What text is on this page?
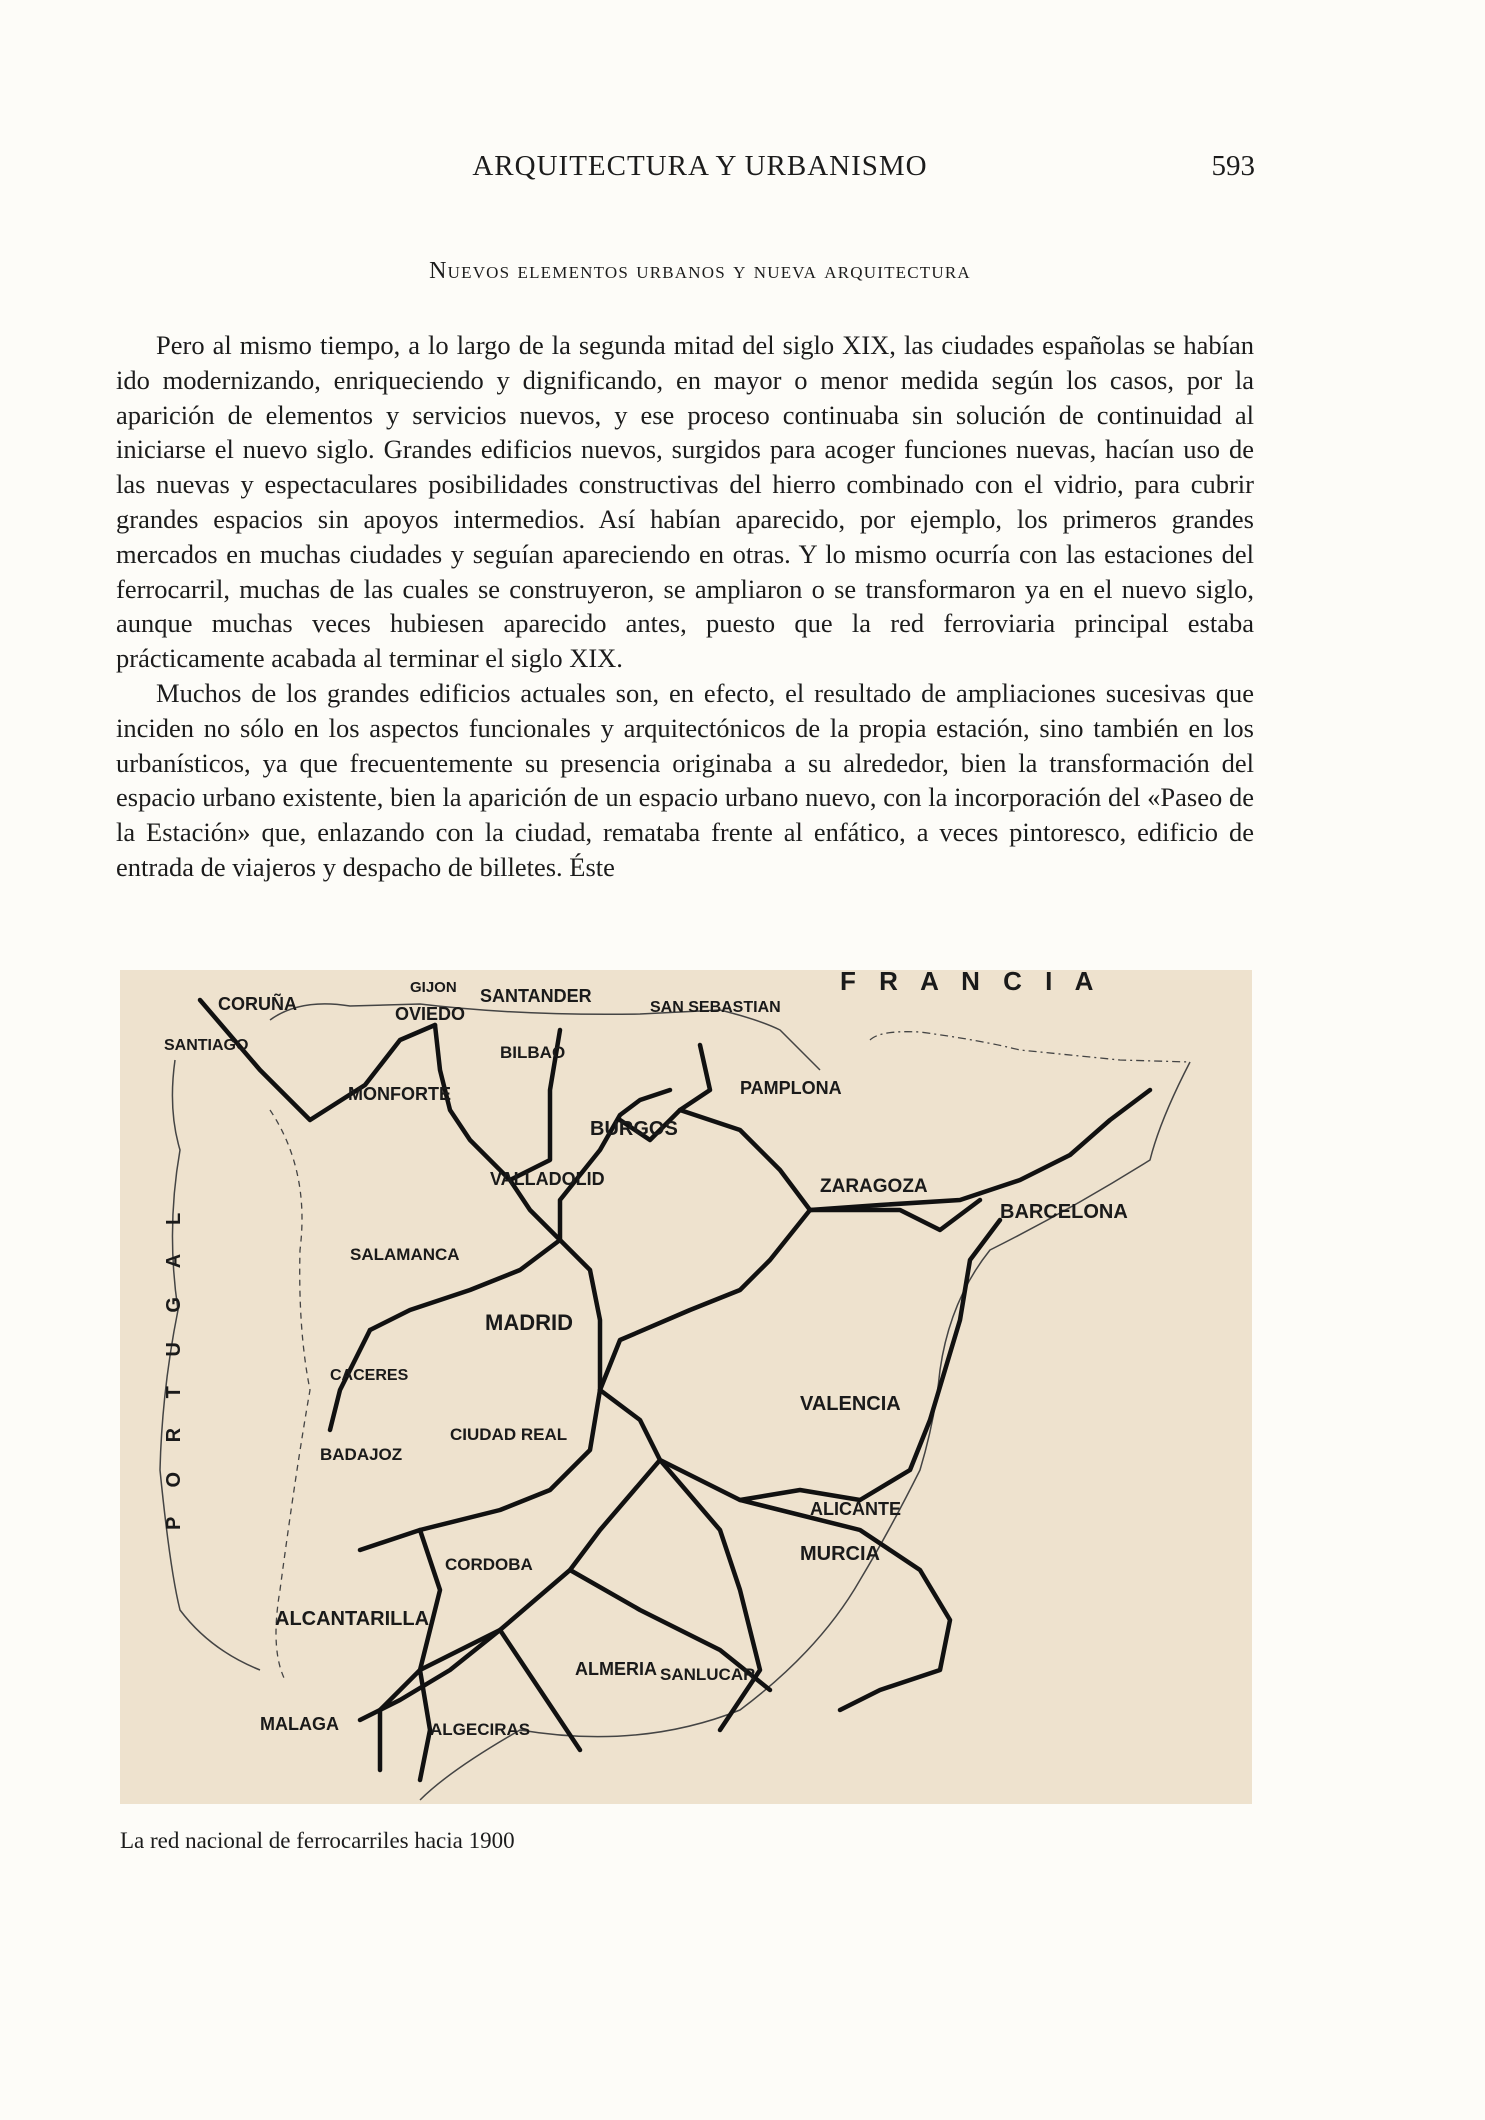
ARQUITECTURA Y URBANISMO	593
Nuevos elementos urbanos y nueva arquitectura

Pero al mismo tiempo, a lo largo de la segunda mitad del siglo XIX, las ciudades españolas se habían ido modernizando, enriqueciendo y dignificando, en mayor o menor medida según los casos, por la aparición de elementos y servicios nuevos, y ese proceso continuaba sin solución de continuidad al iniciarse el nuevo siglo. Grandes edificios nuevos, surgidos para acoger funciones nuevas, hacían uso de las nuevas y espectaculares posibilidades constructivas del hierro combinado con el vidrio, para cubrir grandes espacios sin apoyos intermedios. Así habían aparecido, por ejemplo, los primeros grandes mercados en muchas ciudades y seguían apareciendo en otras. Y lo mismo ocurría con las estaciones del ferrocarril, muchas de las cuales se construyeron, se ampliaron o se transformaron ya en el nuevo siglo, aunque muchas veces hubiesen aparecido antes, puesto que la red ferroviaria principal estaba prácticamente acabada al terminar el siglo XIX.

Muchos de los grandes edificios actuales son, en efecto, el resultado de ampliaciones sucesivas que inciden no sólo en los aspectos funcionales y arquitectónicos de la propia estación, sino también en los urbanísticos, ya que frecuentemente su presencia originaba a su alrededor, bien la transformación del espacio urbano existente, bien la aparición de un espacio urbano nuevo, con la incorporación del «Paseo de la Estación» que, enlazando con la ciudad, remataba frente al enfático, a veces pintoresco, edificio de entrada de viajeros y despacho de billetes. Éste

F R A N C I A
CORUÑA
GIJON SANTANDER
SAN SEBASTIAN
BILBAO
OVIEDO
SANTIAGO
MONFORTE	PAMPLONA
BURGOS
VALLADOLID	ZARAGOZA
BARCELONA
SALAMANCA
MADRID
CACERES
VALENCIA
CIUDAD REAL
BADAJOZ
ALICANTE
CORDOBA	MURCIA
ALCANTARILLA
ALMERIA SANLUCAR
MALAGA	ALGECIRAS
P O R T U G A L
La red nacional de ferrocarriles hacia 1900
